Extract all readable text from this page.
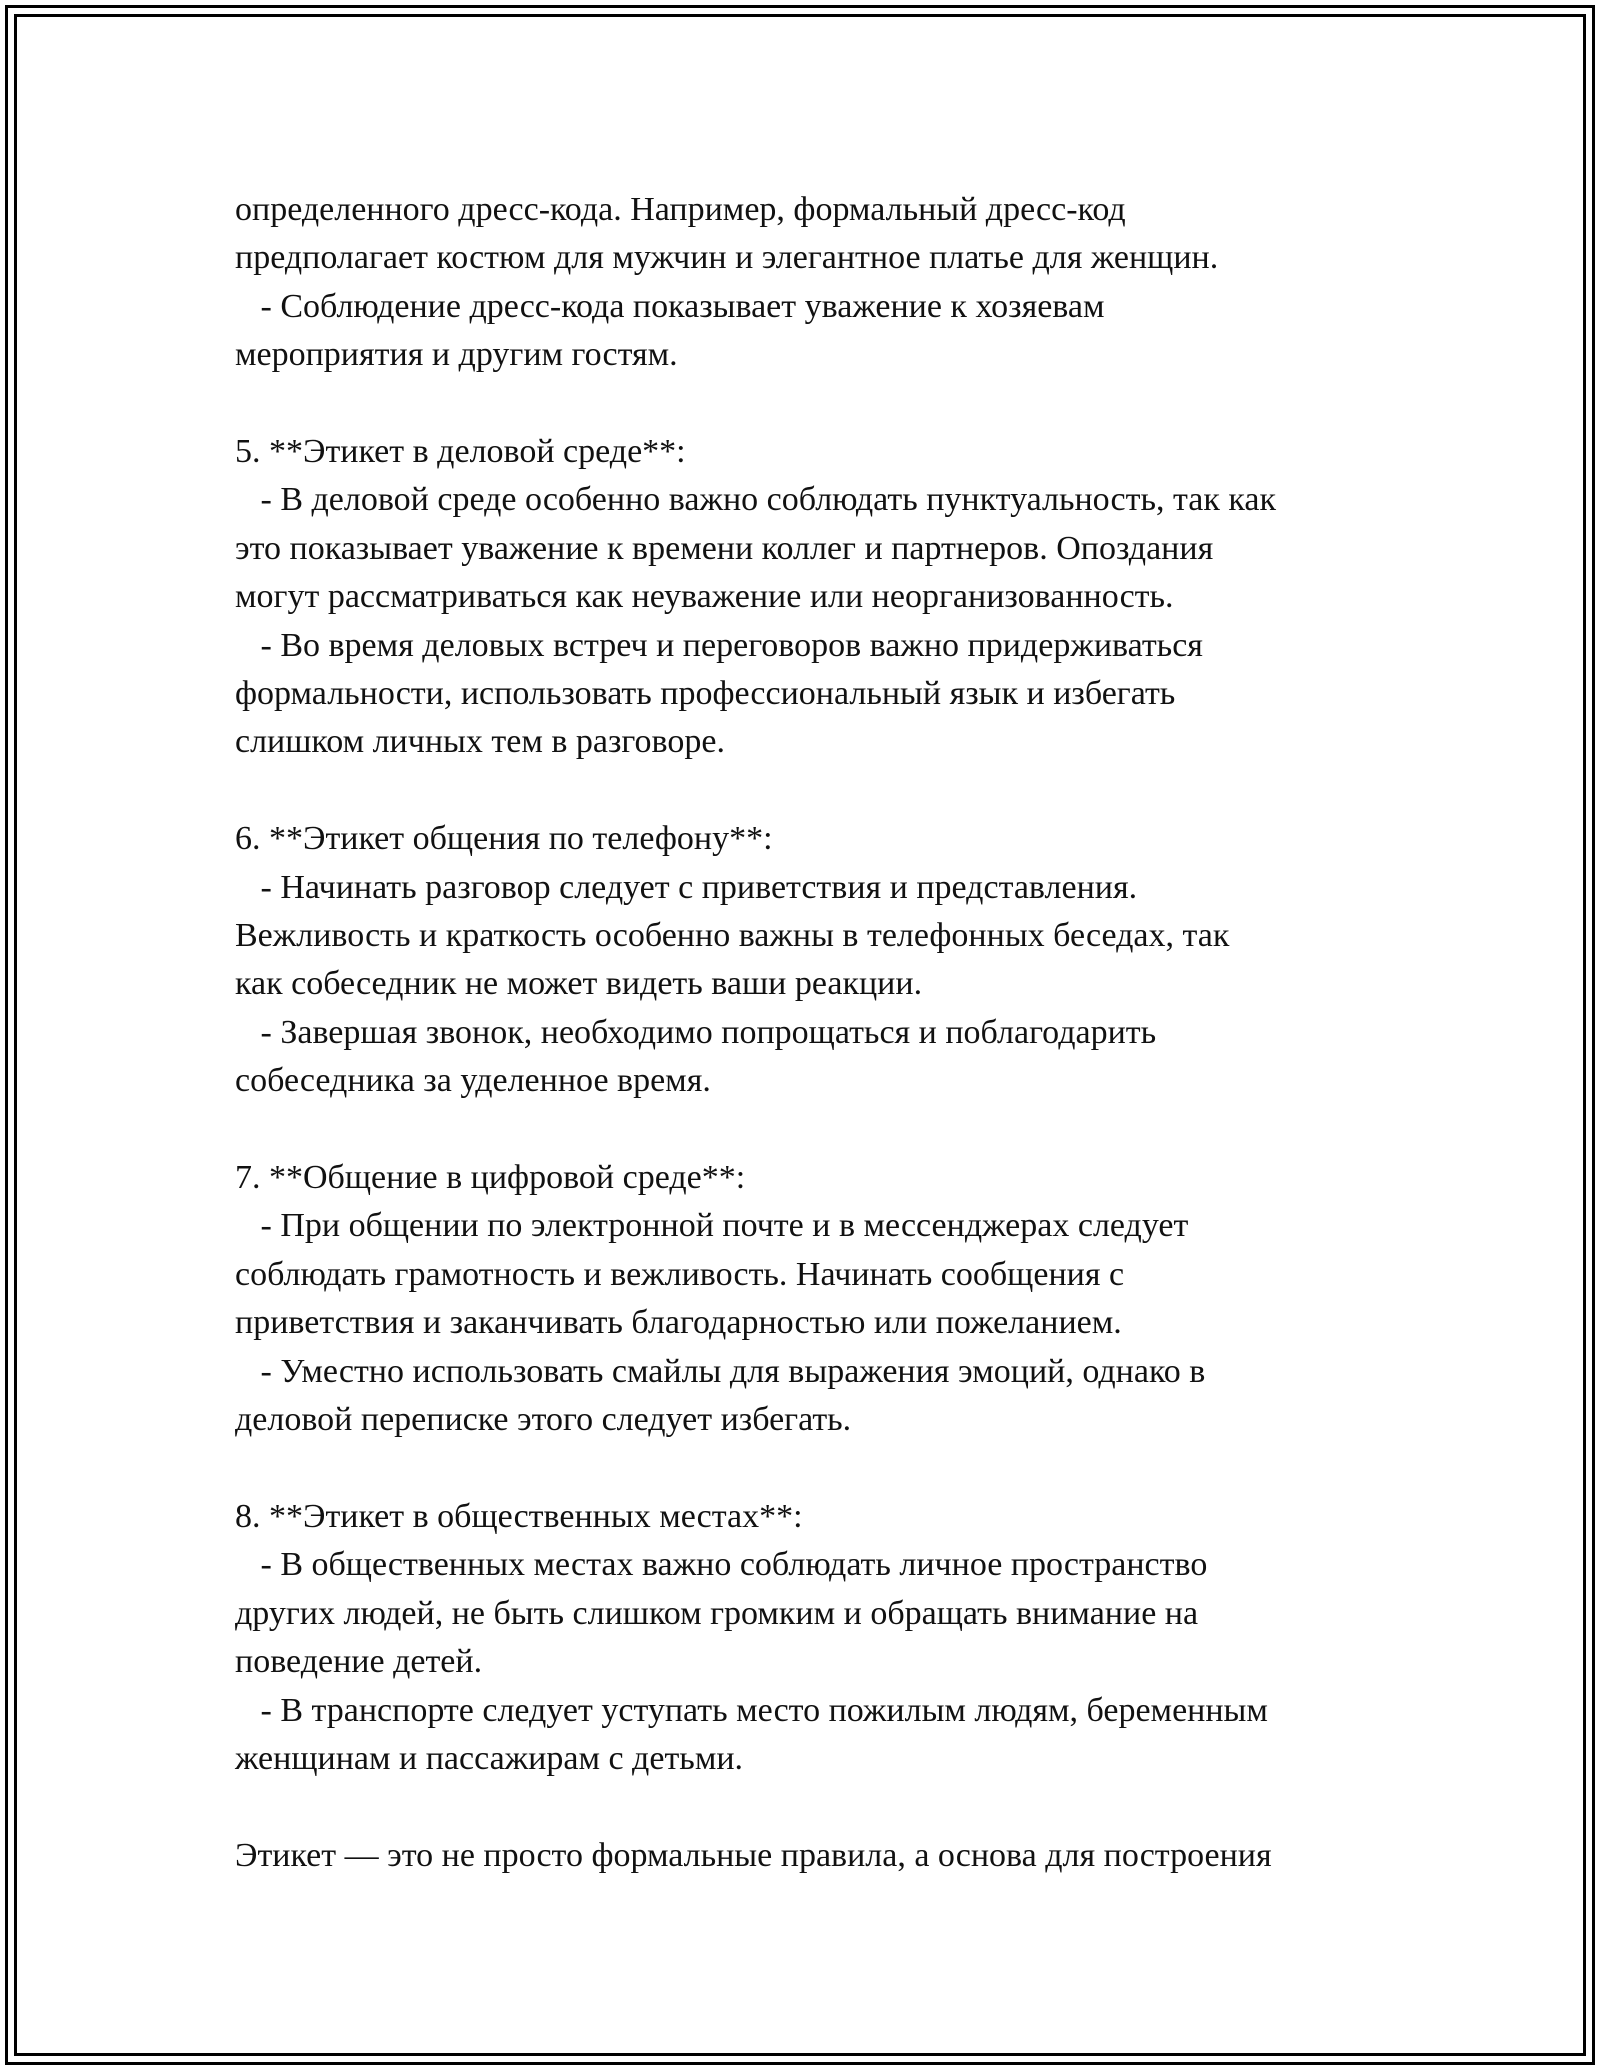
определенного дресс-кода. Например, формальный дресс-код
предполагает костюм для мужчин и элегантное платье для женщин.
- Соблюдение дресс-кода показывает уважение к хозяевам
мероприятия и другим гостям.
5. **Этикет в деловой среде**:
- В деловой среде особенно важно соблюдать пунктуальность, так как
это показывает уважение к времени коллег и партнеров. Опоздания
могут рассматриваться как неуважение или неорганизованность.
- Во время деловых встреч и переговоров важно придерживаться
формальности, использовать профессиональный язык и избегать
слишком личных тем в разговоре.
6. **Этикет общения по телефону**:
- Начинать разговор следует с приветствия и представления.
Вежливость и краткость особенно важны в телефонных беседах, так
как собеседник не может видеть ваши реакции.
- Завершая звонок, необходимо попрощаться и поблагодарить
собеседника за уделенное время.
7. **Общение в цифровой среде**:
- При общении по электронной почте и в мессенджерах следует
соблюдать грамотность и вежливость. Начинать сообщения с
приветствия и заканчивать благодарностью или пожеланием.
- Уместно использовать смайлы для выражения эмоций, однако в
деловой переписке этого следует избегать.
8. **Этикет в общественных местах**:
- В общественных местах важно соблюдать личное пространство
других людей, не быть слишком громким и обращать внимание на
поведение детей.
- В транспорте следует уступать место пожилым людям, беременным
женщинам и пассажирам с детьми.
Этикет — это не просто формальные правила, а основа для построения
